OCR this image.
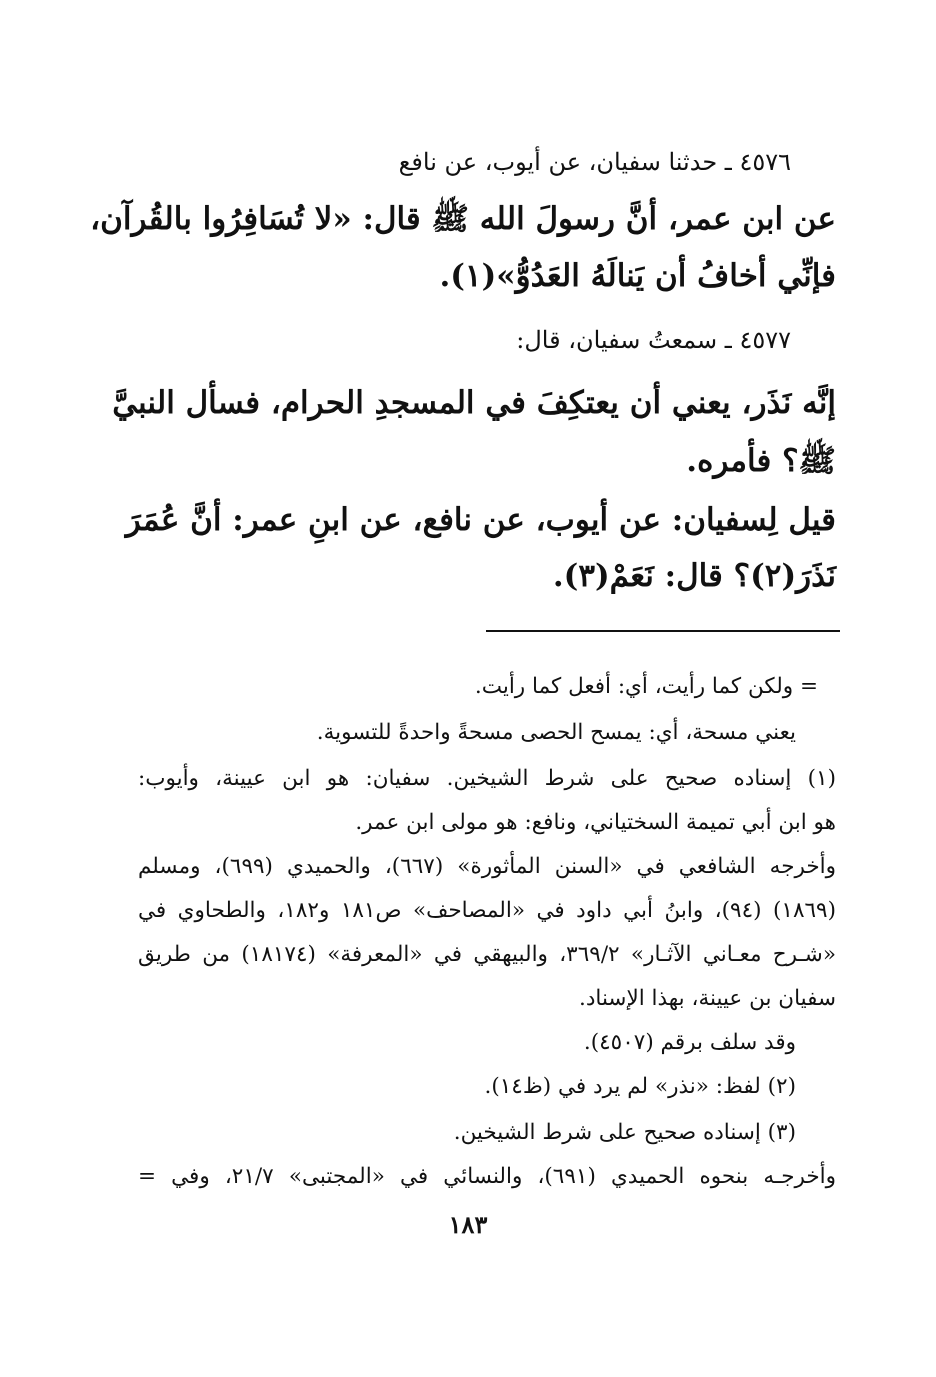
٤٥٧٦ ـ حدثنا سفيان، عن أيوب، عن نافع
عن ابن عمر، أنَّ رسولَ الله ﷺ قال: «لا تُسَافِرُوا بالقُرآن،
فإنِّي أخافُ أن يَنالَهُ العَدُوُّ»(١).
٤٥٧٧ ـ سمعتُ سفيان، قال:
إنَّه نَذَر، يعني أن يعتكِفَ في المسجدِ الحرام، فسأل النبيَّ
ﷺ؟ فأمره.
قيل لِسفيان: عن أيوب، عن نافع، عن ابنِ عمر: أنَّ عُمَرَ
نَذَرَ(٢)؟ قال: نَعَمْ(٣).
= ولكن كما رأيت، أي: أفعل كما رأيت.
يعني مسحة، أي: يمسح الحصى مسحةً واحدةً للتسوية.
(١) إسناده صحيح على شرط الشيخين. سفيان: هو ابن عيينة، وأيوب:
هو ابن أبي تميمة السختياني، ونافع: هو مولى ابن عمر.
وأخرجه الشافعي في «السنن المأثورة» (٦٦٧)، والحميدي (٦٩٩)، ومسلم
(١٨٦٩) (٩٤)، وابنُ أبي داود في «المصاحف» ص١٨١ و١٨٢، والطحاوي في
«شـرح معـاني الآثـار» ٣٦٩/٢، والبيهقي في «المعرفة» (١٨١٧٤) من طريق
سفيان بن عيينة، بهذا الإسناد.
وقد سلف برقم (٤٥٠٧).
(٢) لفظ: «نذر» لم يرد في (ظ١٤).
(٣) إسناده صحيح على شرط الشيخين.
وأخرجـه بنحوه الحميدي (٦٩١)، والنسائي في «المجتبى» ٢١/٧، وفي =
١٨٣
